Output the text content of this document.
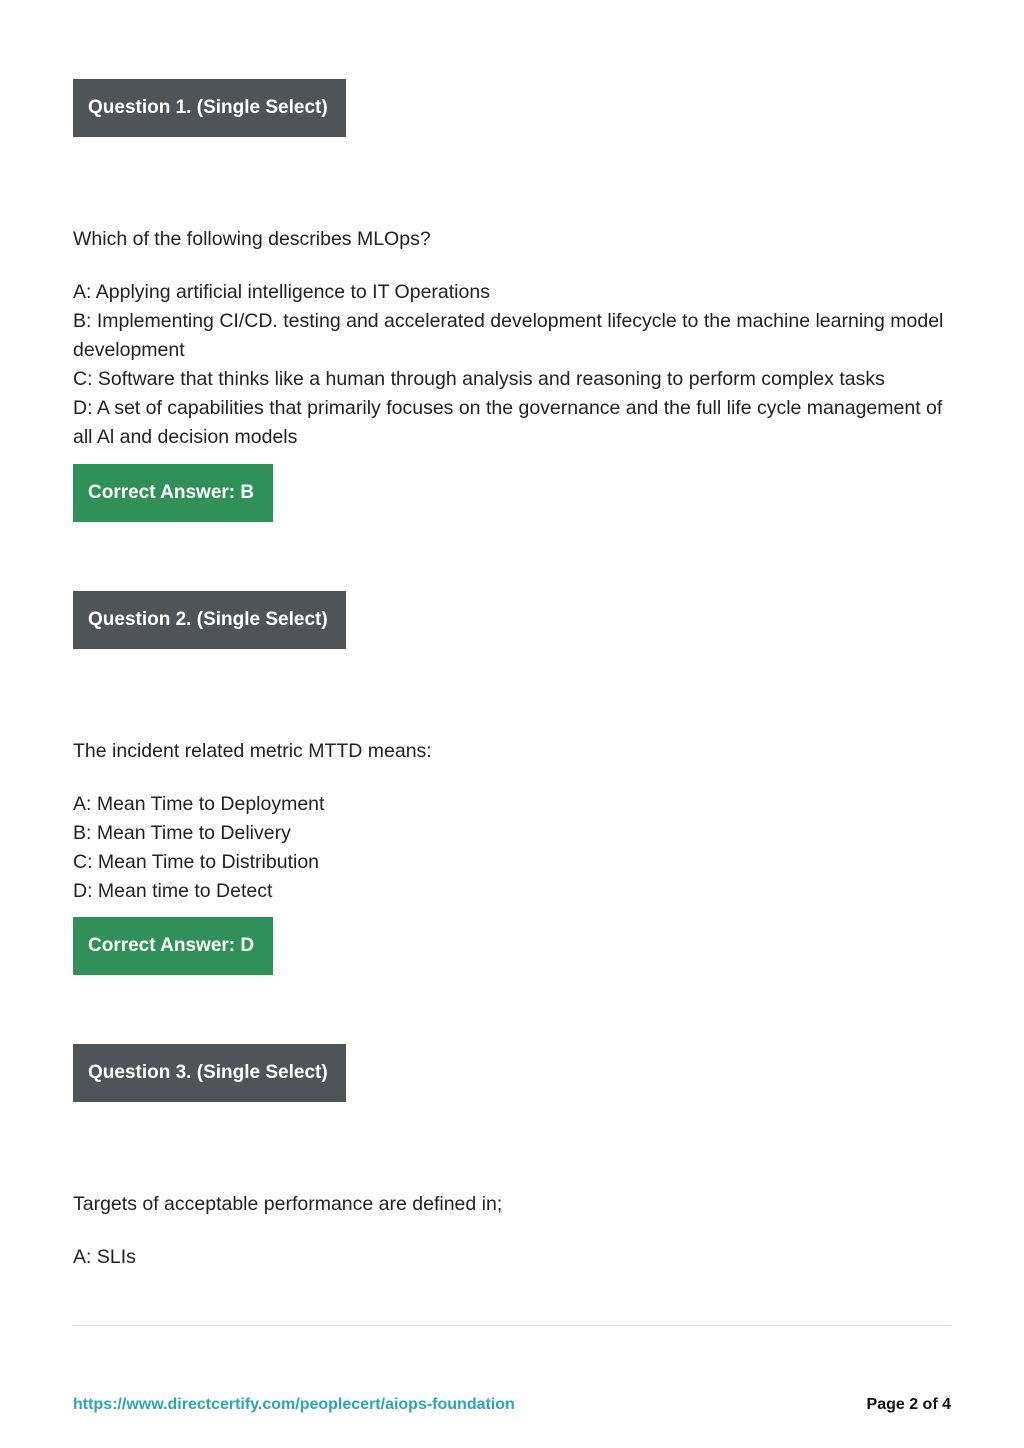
Question 1. (Single Select)

Which of the following describes MLOps?

A: Applying artificial intelligence to IT Operations
B: Implementing CI/CD. testing and accelerated development lifecycle to the machine learning model development
C: Software that thinks like a human through analysis and reasoning to perform complex tasks
D: A set of capabilities that primarily focuses on the governance and the full life cycle management of all Al and decision models
Correct Answer: B
Question 2. (Single Select)

The incident related metric MTTD means:

A: Mean Time to Deployment
B: Mean Time to Delivery
C: Mean Time to Distribution
D: Mean time to Detect
Correct Answer: D
Question 3. (Single Select)

Targets of acceptable performance are defined in;

A: SLIs
https://www.directcertify.com/peoplecert/aiops-foundation	Page 2 of 4
